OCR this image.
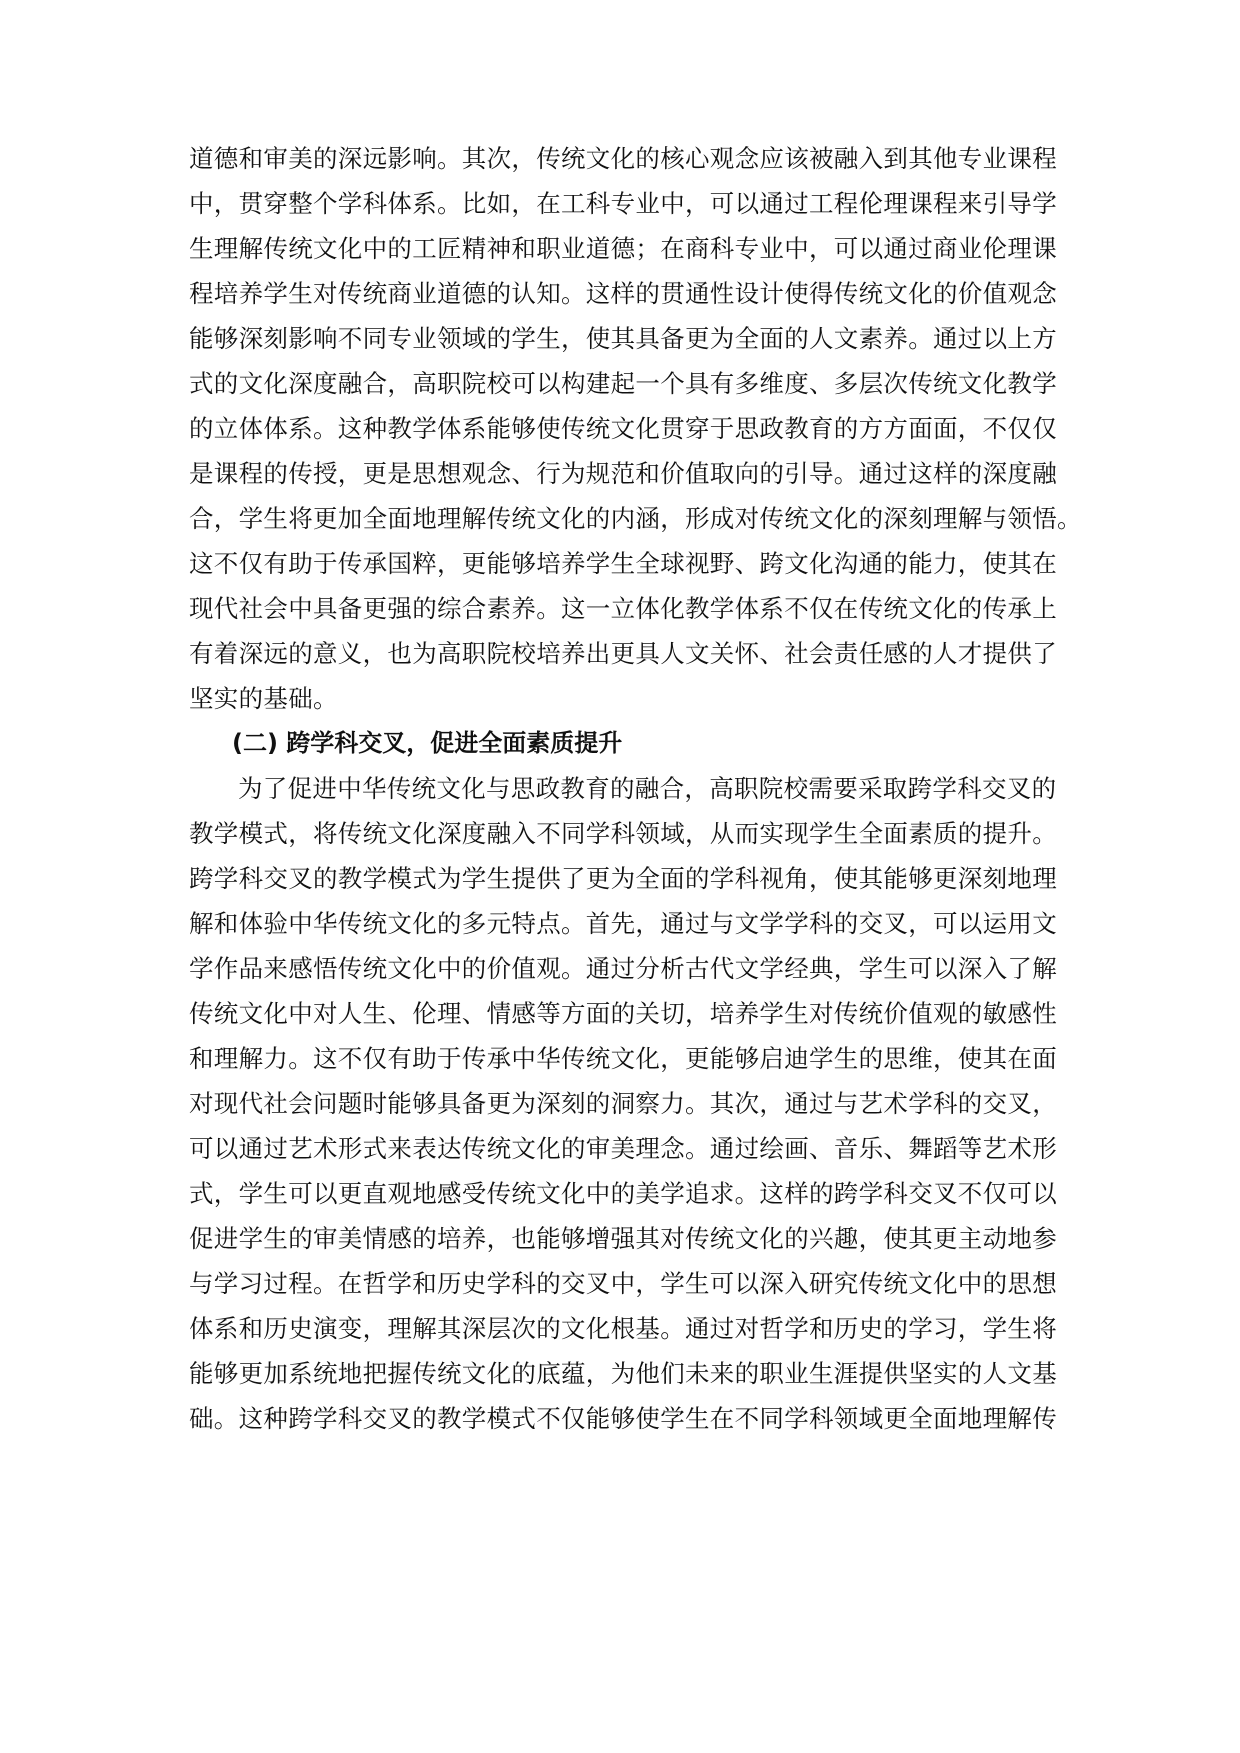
道德和审美的深远影响。其次，传统文化的核心观念应该被融入到其他专业课程
中，贯穿整个学科体系。比如，在工科专业中，可以通过工程伦理课程来引导学
生理解传统文化中的工匠精神和职业道德；在商科专业中，可以通过商业伦理课
程培养学生对传统商业道德的认知。这样的贯通性设计使得传统文化的价值观念
能够深刻影响不同专业领域的学生，使其具备更为全面的人文素养。通过以上方
式的文化深度融合，高职院校可以构建起一个具有多维度、多层次传统文化教学
的立体体系。这种教学体系能够使传统文化贯穿于思政教育的方方面面，不仅仅
是课程的传授，更是思想观念、行为规范和价值取向的引导。通过这样的深度融
合，学生将更加全面地理解传统文化的内涵，形成对传统文化的深刻理解与领悟。
这不仅有助于传承国粹，更能够培养学生全球视野、跨文化沟通的能力，使其在
现代社会中具备更强的综合素养。这一立体化教学体系不仅在传统文化的传承上
有着深远的意义，也为高职院校培养出更具人文关怀、社会责任感的人才提供了
坚实的基础。
(二) 跨学科交叉，促进全面素质提升
为了促进中华传统文化与思政教育的融合，高职院校需要采取跨学科交叉的
教学模式，将传统文化深度融入不同学科领域，从而实现学生全面素质的提升。
跨学科交叉的教学模式为学生提供了更为全面的学科视角，使其能够更深刻地理
解和体验中华传统文化的多元特点。首先，通过与文学学科的交叉，可以运用文
学作品来感悟传统文化中的价值观。通过分析古代文学经典，学生可以深入了解
传统文化中对人生、伦理、情感等方面的关切，培养学生对传统价值观的敏感性
和理解力。这不仅有助于传承中华传统文化，更能够启迪学生的思维，使其在面
对现代社会问题时能够具备更为深刻的洞察力。其次，通过与艺术学科的交叉，
可以通过艺术形式来表达传统文化的审美理念。通过绘画、音乐、舞蹈等艺术形
式，学生可以更直观地感受传统文化中的美学追求。这样的跨学科交叉不仅可以
促进学生的审美情感的培养，也能够增强其对传统文化的兴趣，使其更主动地参
与学习过程。在哲学和历史学科的交叉中，学生可以深入研究传统文化中的思想
体系和历史演变，理解其深层次的文化根基。通过对哲学和历史的学习，学生将
能够更加系统地把握传统文化的底蕴，为他们未来的职业生涯提供坚实的人文基
础。这种跨学科交叉的教学模式不仅能够使学生在不同学科领域更全面地理解传
